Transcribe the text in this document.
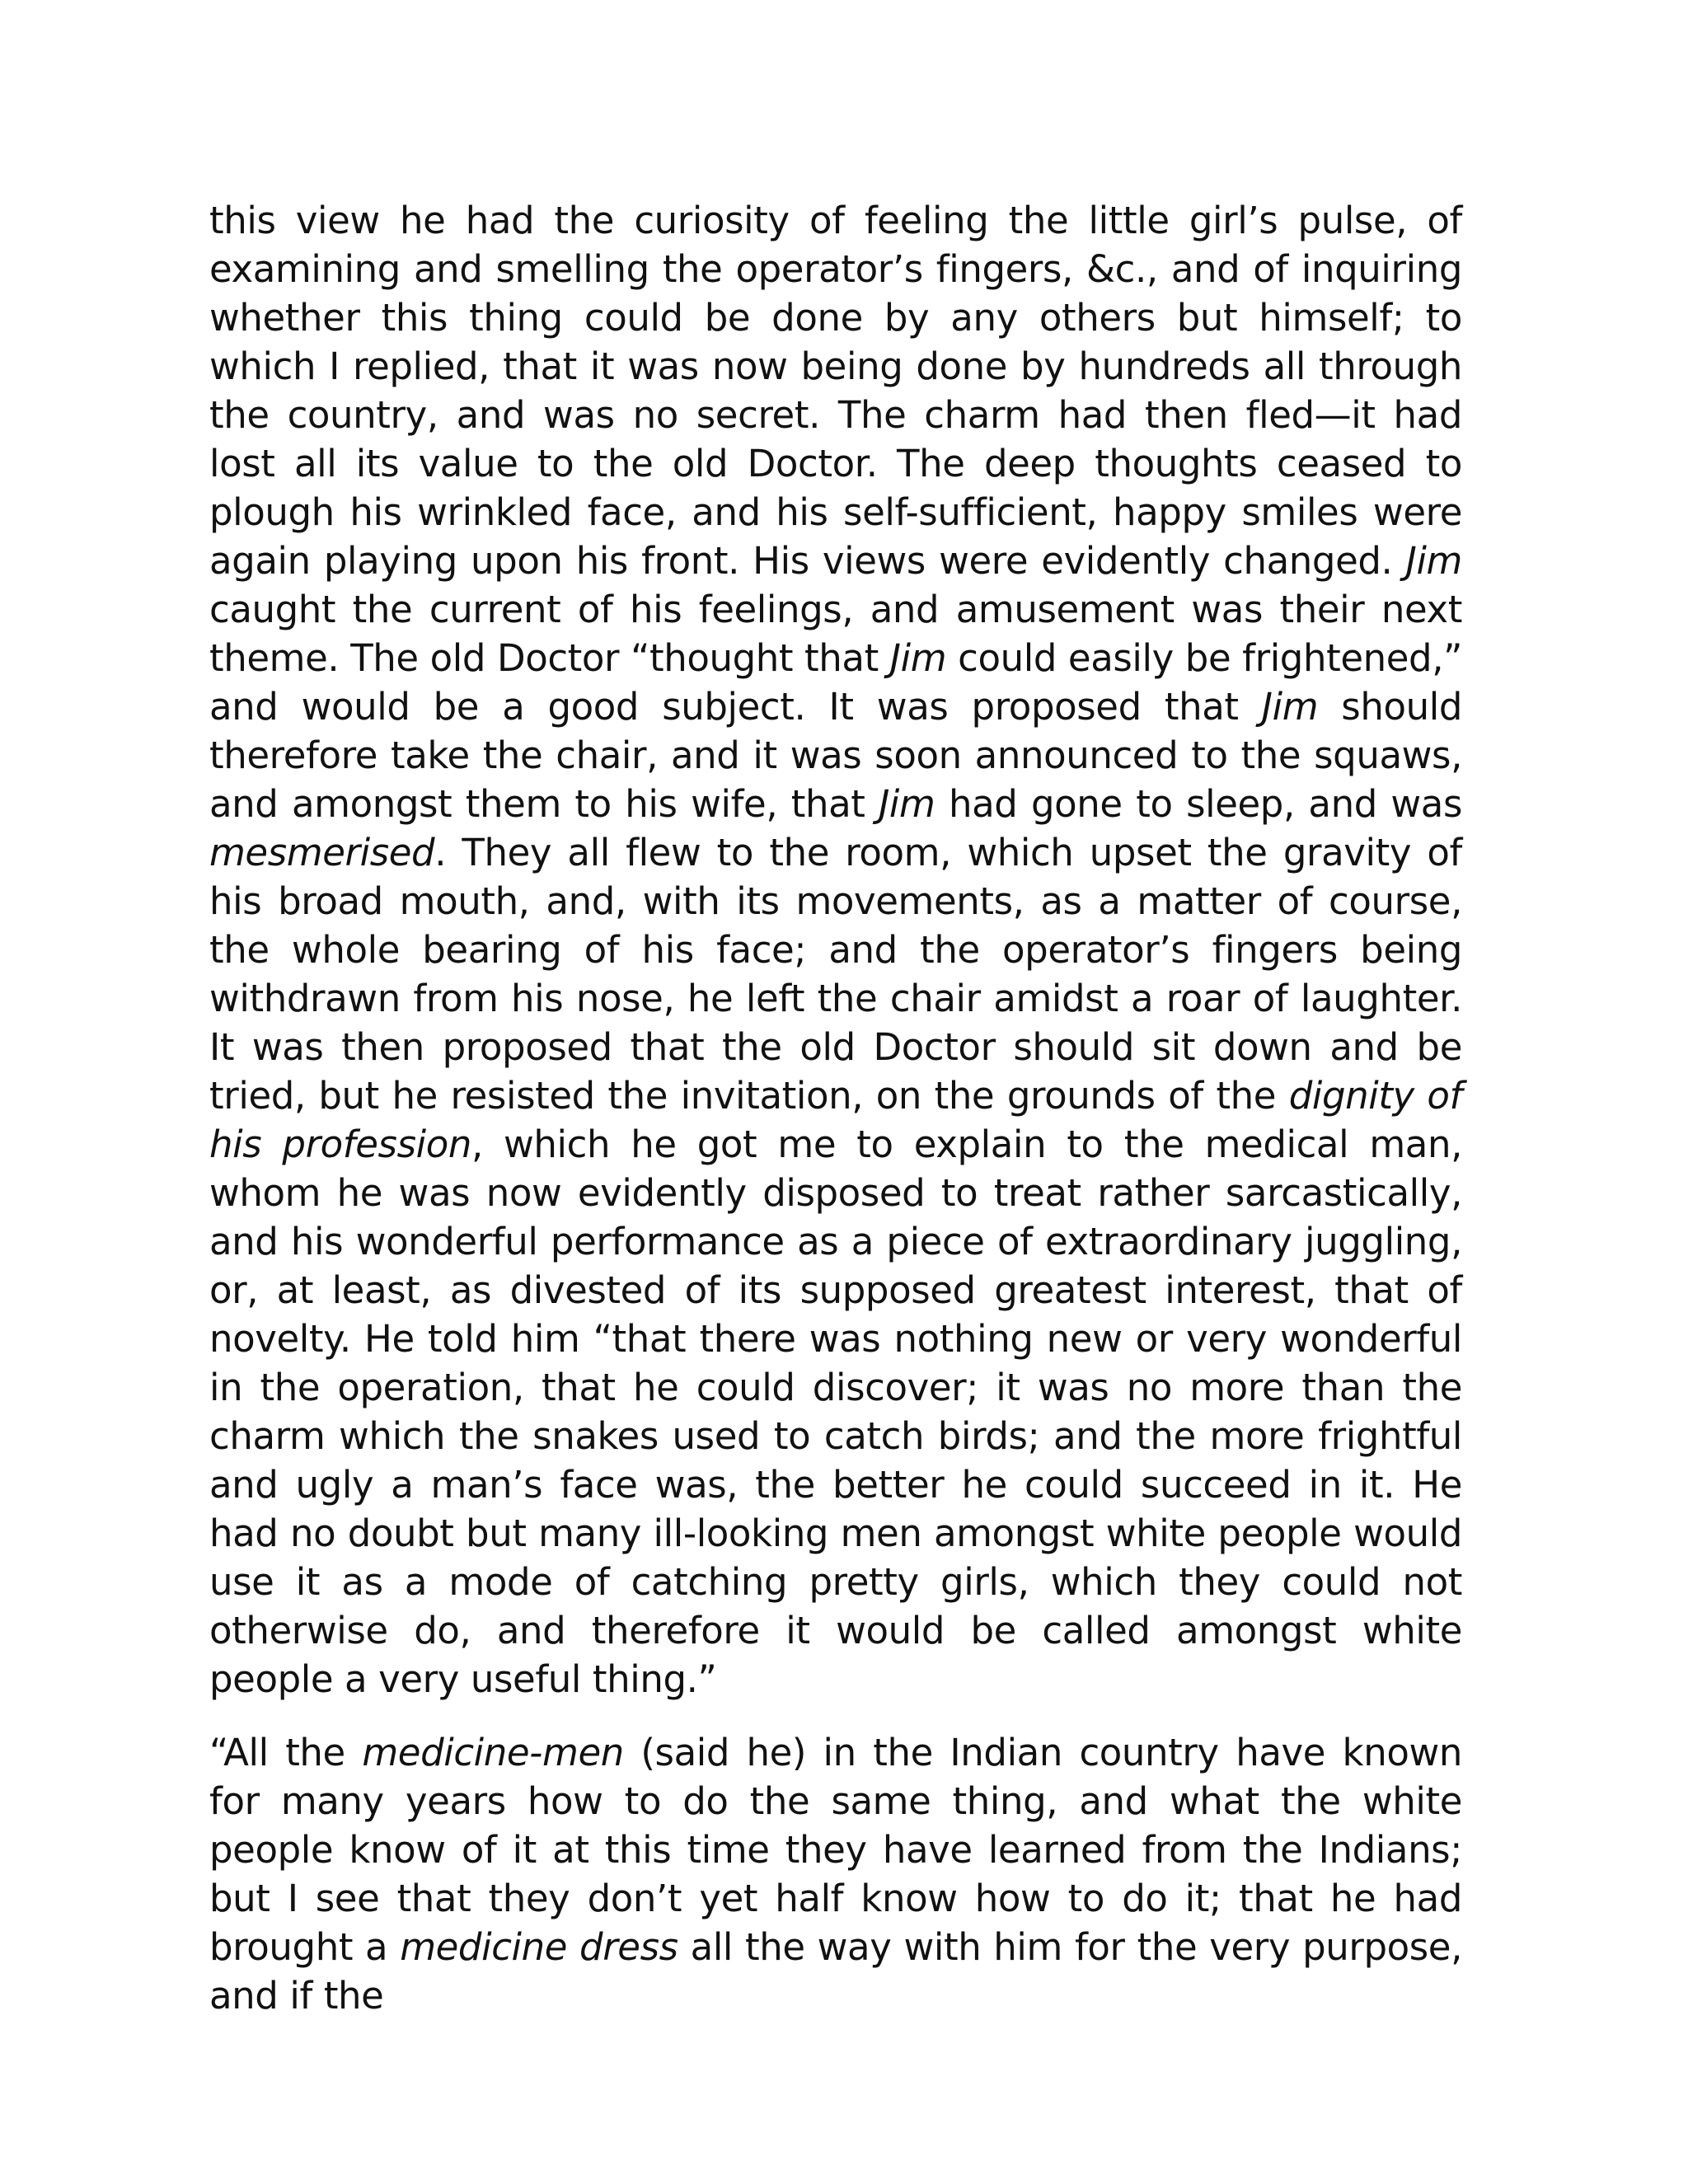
this view he had the curiosity of feeling the little girl’s pulse, of examining and smelling the operator’s fingers, &c., and of inquiring whether this thing could be done by any others but himself; to which I replied, that it was now being done by hundreds all through the country, and was no secret. The charm had then fled—it had lost all its value to the old Doctor. The deep thoughts ceased to plough his wrinkled face, and his self-sufficient, happy smiles were again playing upon his front. His views were evidently changed. Jim caught the current of his feelings, and amusement was their next theme. The old Doctor “thought that Jim could easily be frightened,” and would be a good subject. It was proposed that Jim should therefore take the chair, and it was soon announced to the squaws, and amongst them to his wife, that Jim had gone to sleep, and was mesmerised. They all flew to the room, which upset the gravity of his broad mouth, and, with its movements, as a matter of course, the whole bearing of his face; and the operator’s fingers being withdrawn from his nose, he left the chair amidst a roar of laughter. It was then proposed that the old Doctor should sit down and be tried, but he resisted the invitation, on the grounds of the dignity of his profession, which he got me to explain to the medical man, whom he was now evidently disposed to treat rather sarcastically, and his wonderful performance as a piece of extraordinary juggling, or, at least, as divested of its supposed greatest interest, that of novelty. He told him “that there was nothing new or very wonderful in the operation, that he could discover; it was no more than the charm which the snakes used to catch birds; and the more frightful and ugly a man’s face was, the better he could succeed in it. He had no doubt but many ill-looking men amongst white people would use it as a mode of catching pretty girls, which they could not otherwise do, and therefore it would be called amongst white people a very useful thing.”

“All the medicine-men (said he) in the Indian country have known for many years how to do the same thing, and what the white people know of it at this time they have learned from the Indians; but I see that they don’t yet half know how to do it; that he had brought a medicine dress all the way with him for the very purpose, and if the
